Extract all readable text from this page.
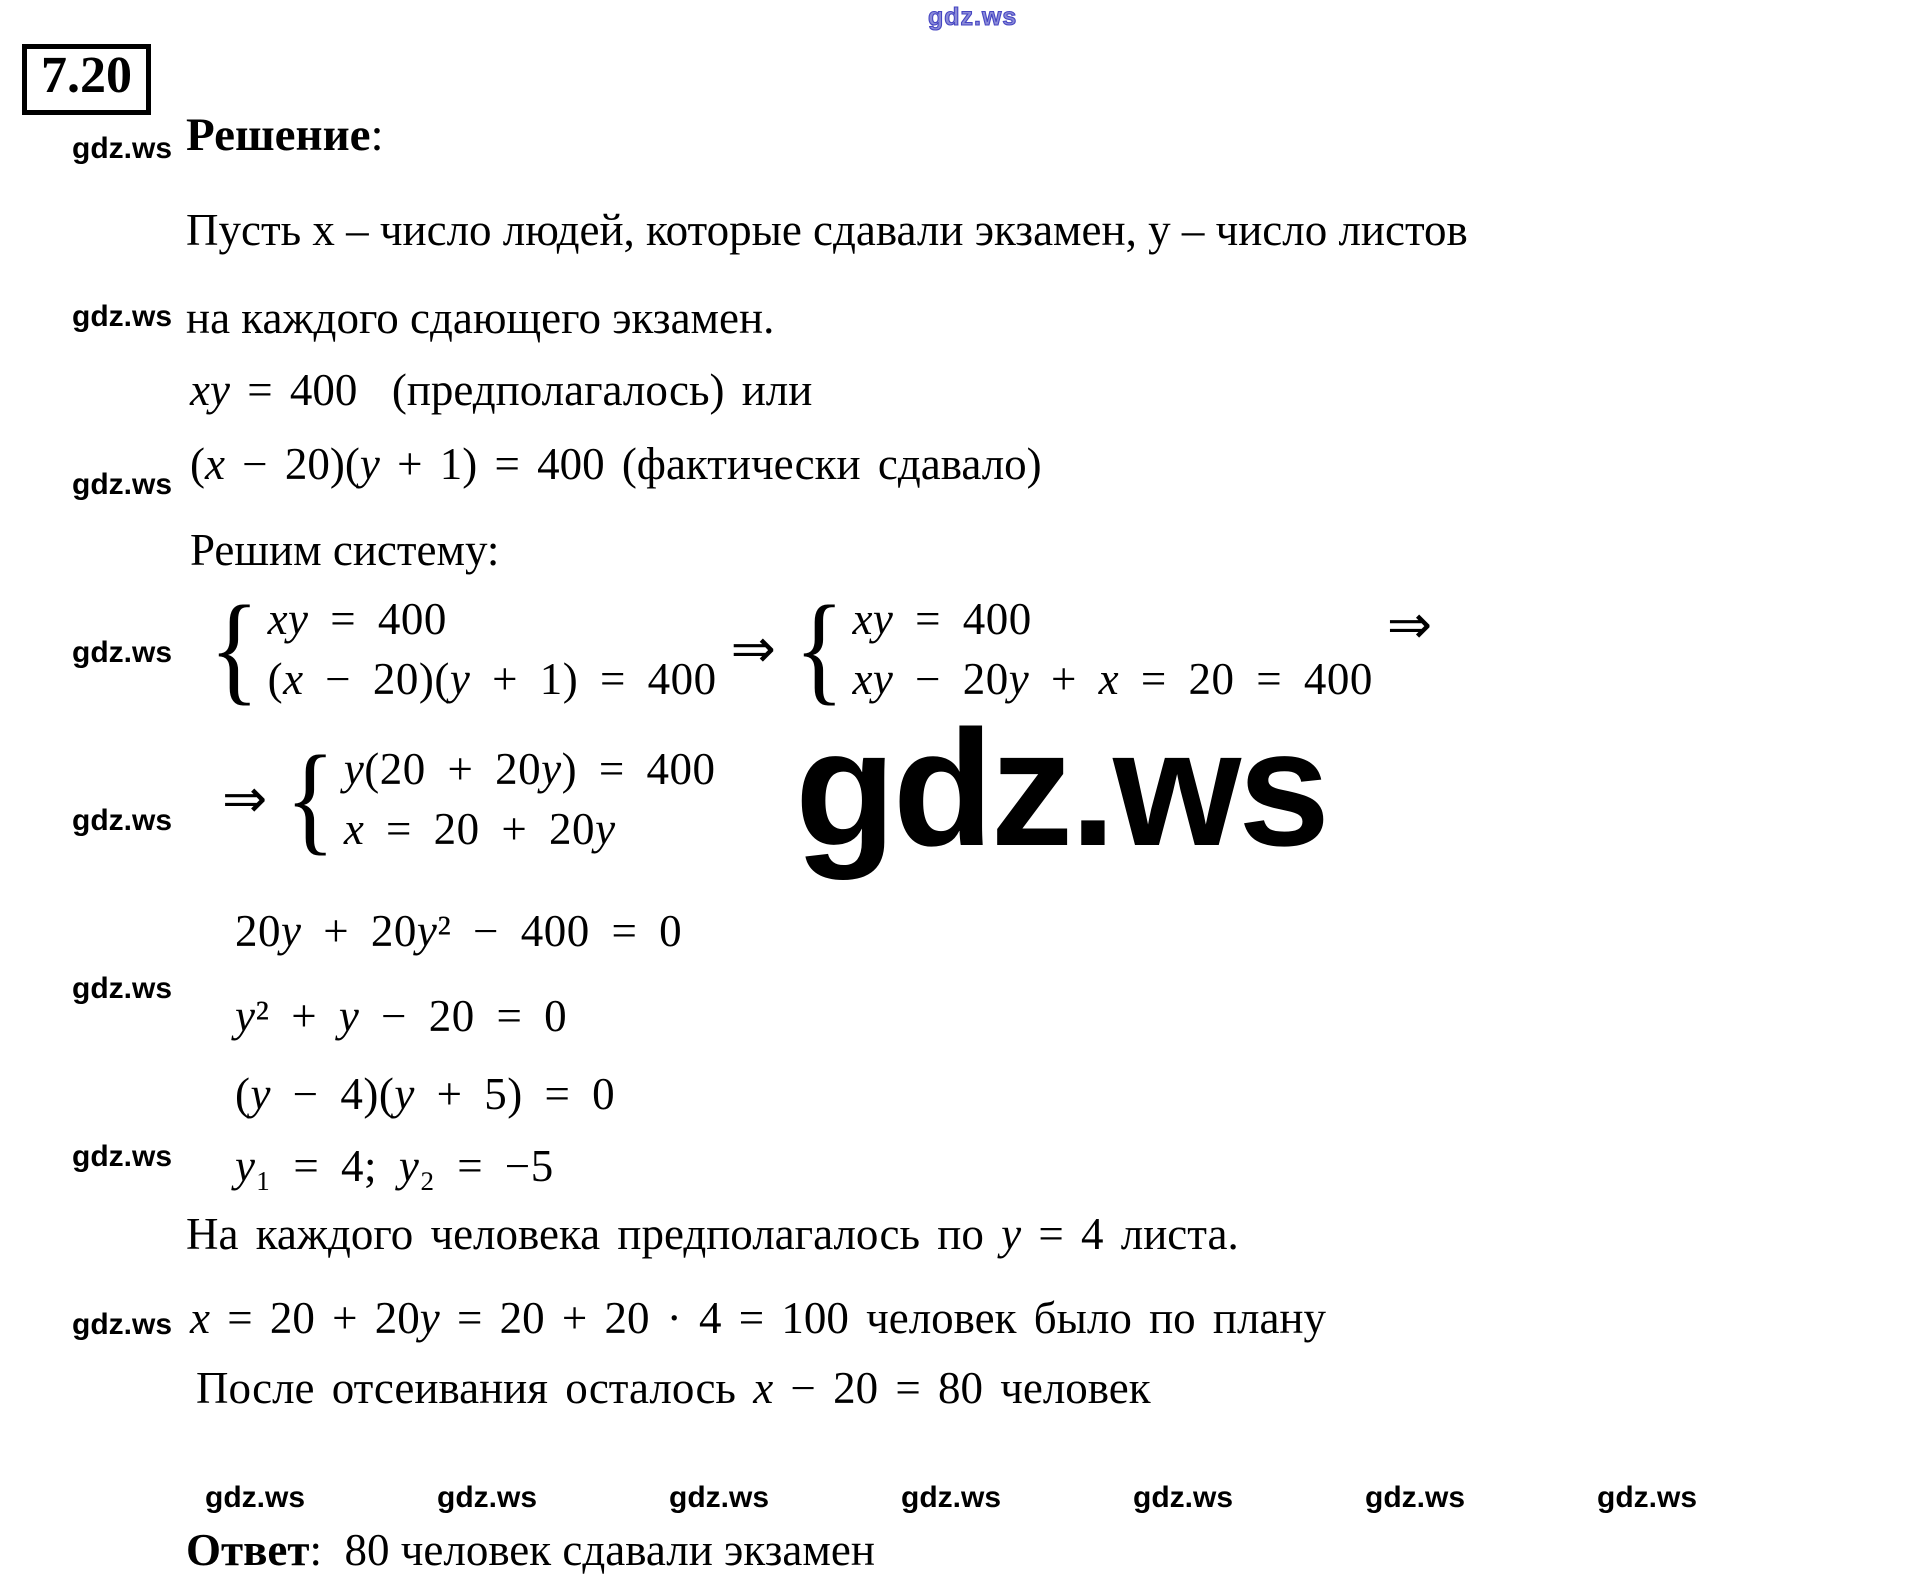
gdz.ws
7.20
gdz.ws
gdz.ws
gdz.ws
gdz.ws
gdz.ws
gdz.ws
gdz.ws
gdz.ws
Решение:
Пусть x – число людей, которые сдавали экзамен, y – число листов
на каждого сдающего экзамен.
xy = 400  (предполагалось) или
(x − 20)(y + 1) = 400 (фактически сдавало)
Решим систему:
{ xy = 400
(x − 20)(y + 1) = 400 ⇒ { xy = 400
xy − 20y + x = 20 = 400
⇒
⇒ { y(20 + 20y) = 400
x = 20 + 20y	gdz.ws
20y + 20y² − 400 = 0
y² + y − 20 = 0
(y − 4)(y + 5) = 0
y₁ = 4; y₂ = −5
На каждого человека предполагалось по y = 4 листа.
x = 20 + 20y = 20 + 20 · 4 = 100 человек было по плану
После отсеивания осталось x − 20 = 80 человек
gdz.ws	gdz.ws	gdz.ws	gdz.ws	gdz.ws	gdz.ws	gdz.ws
Ответ:  80 человек сдавали экзамен
